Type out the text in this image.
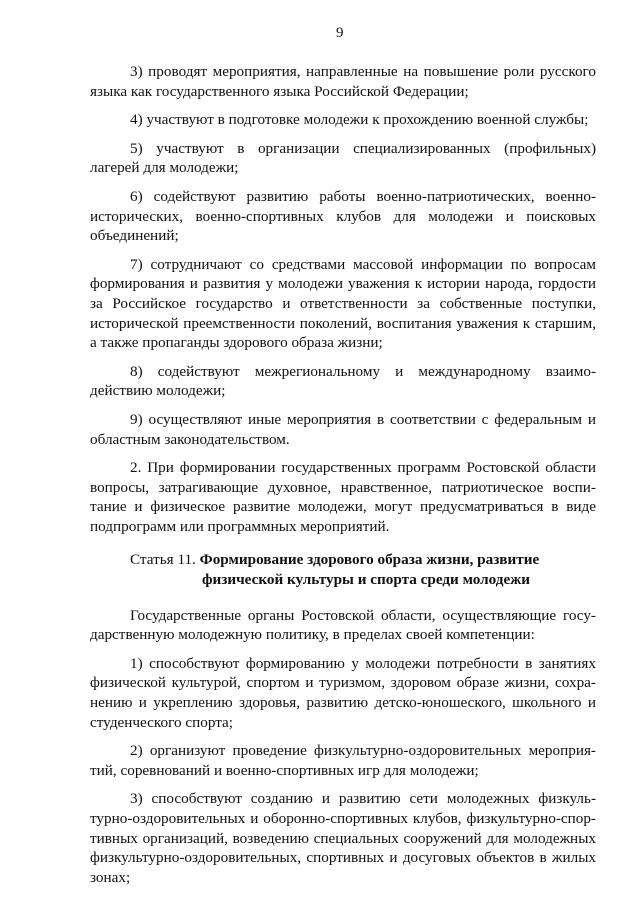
9

3) проводят мероприятия, направленные на повышение роли русского языка как государственного языка Российской Федерации;

4) участвуют в подготовке молодежи к прохождению военной службы;

5) участвуют в организации специализированных (профильных) лагерей для молодежи;

6) содействуют развитию работы военно-патриотических, военно-исторических, военно-спортивных клубов для молодежи и поисковых объединений;

7) сотрудничают со средствами массовой информации по вопросам формирования и развития у молодежи уважения к истории народа, гордости за Российское государство и ответственности за собственные поступки, исторической преемственности поколений, воспитания уважения к старшим, а также пропаганды здорового образа жизни;

8) содействуют межрегиональному и международному взаимо-действию молодежи;

9) осуществляют иные мероприятия в соответствии с федеральным и областным законодательством.

2. При формировании государственных программ Ростовской области вопросы, затрагивающие духовное, нравственное, патриотическое воспи-тание и физическое развитие молодежи, могут предусматриваться в виде подпрограмм или программных мероприятий.

Статья 11. Формирование здорового образа жизни, развитие
физической культуры и спорта среди молодежи

Государственные органы Ростовской области, осуществляющие госу-дарственную молодежную политику, в пределах своей компетенции:

1) способствуют формированию у молодежи потребности в занятиях физической культурой, спортом и туризмом, здоровом образе жизни, сохра-нению и укреплению здоровья, развитию детско-юношеского, школьного и студенческого спорта;

2) организуют проведение физкультурно-оздоровительных мероприя-тий, соревнований и военно-спортивных игр для молодежи;

3) способствуют созданию и развитию сети молодежных физкуль-турно-оздоровительных и оборонно-спортивных клубов, физкультурно-спор-тивных организаций, возведению специальных сооружений для молодежных физкультурно-оздоровительных, спортивных и досуговых объектов в жилых зонах;
